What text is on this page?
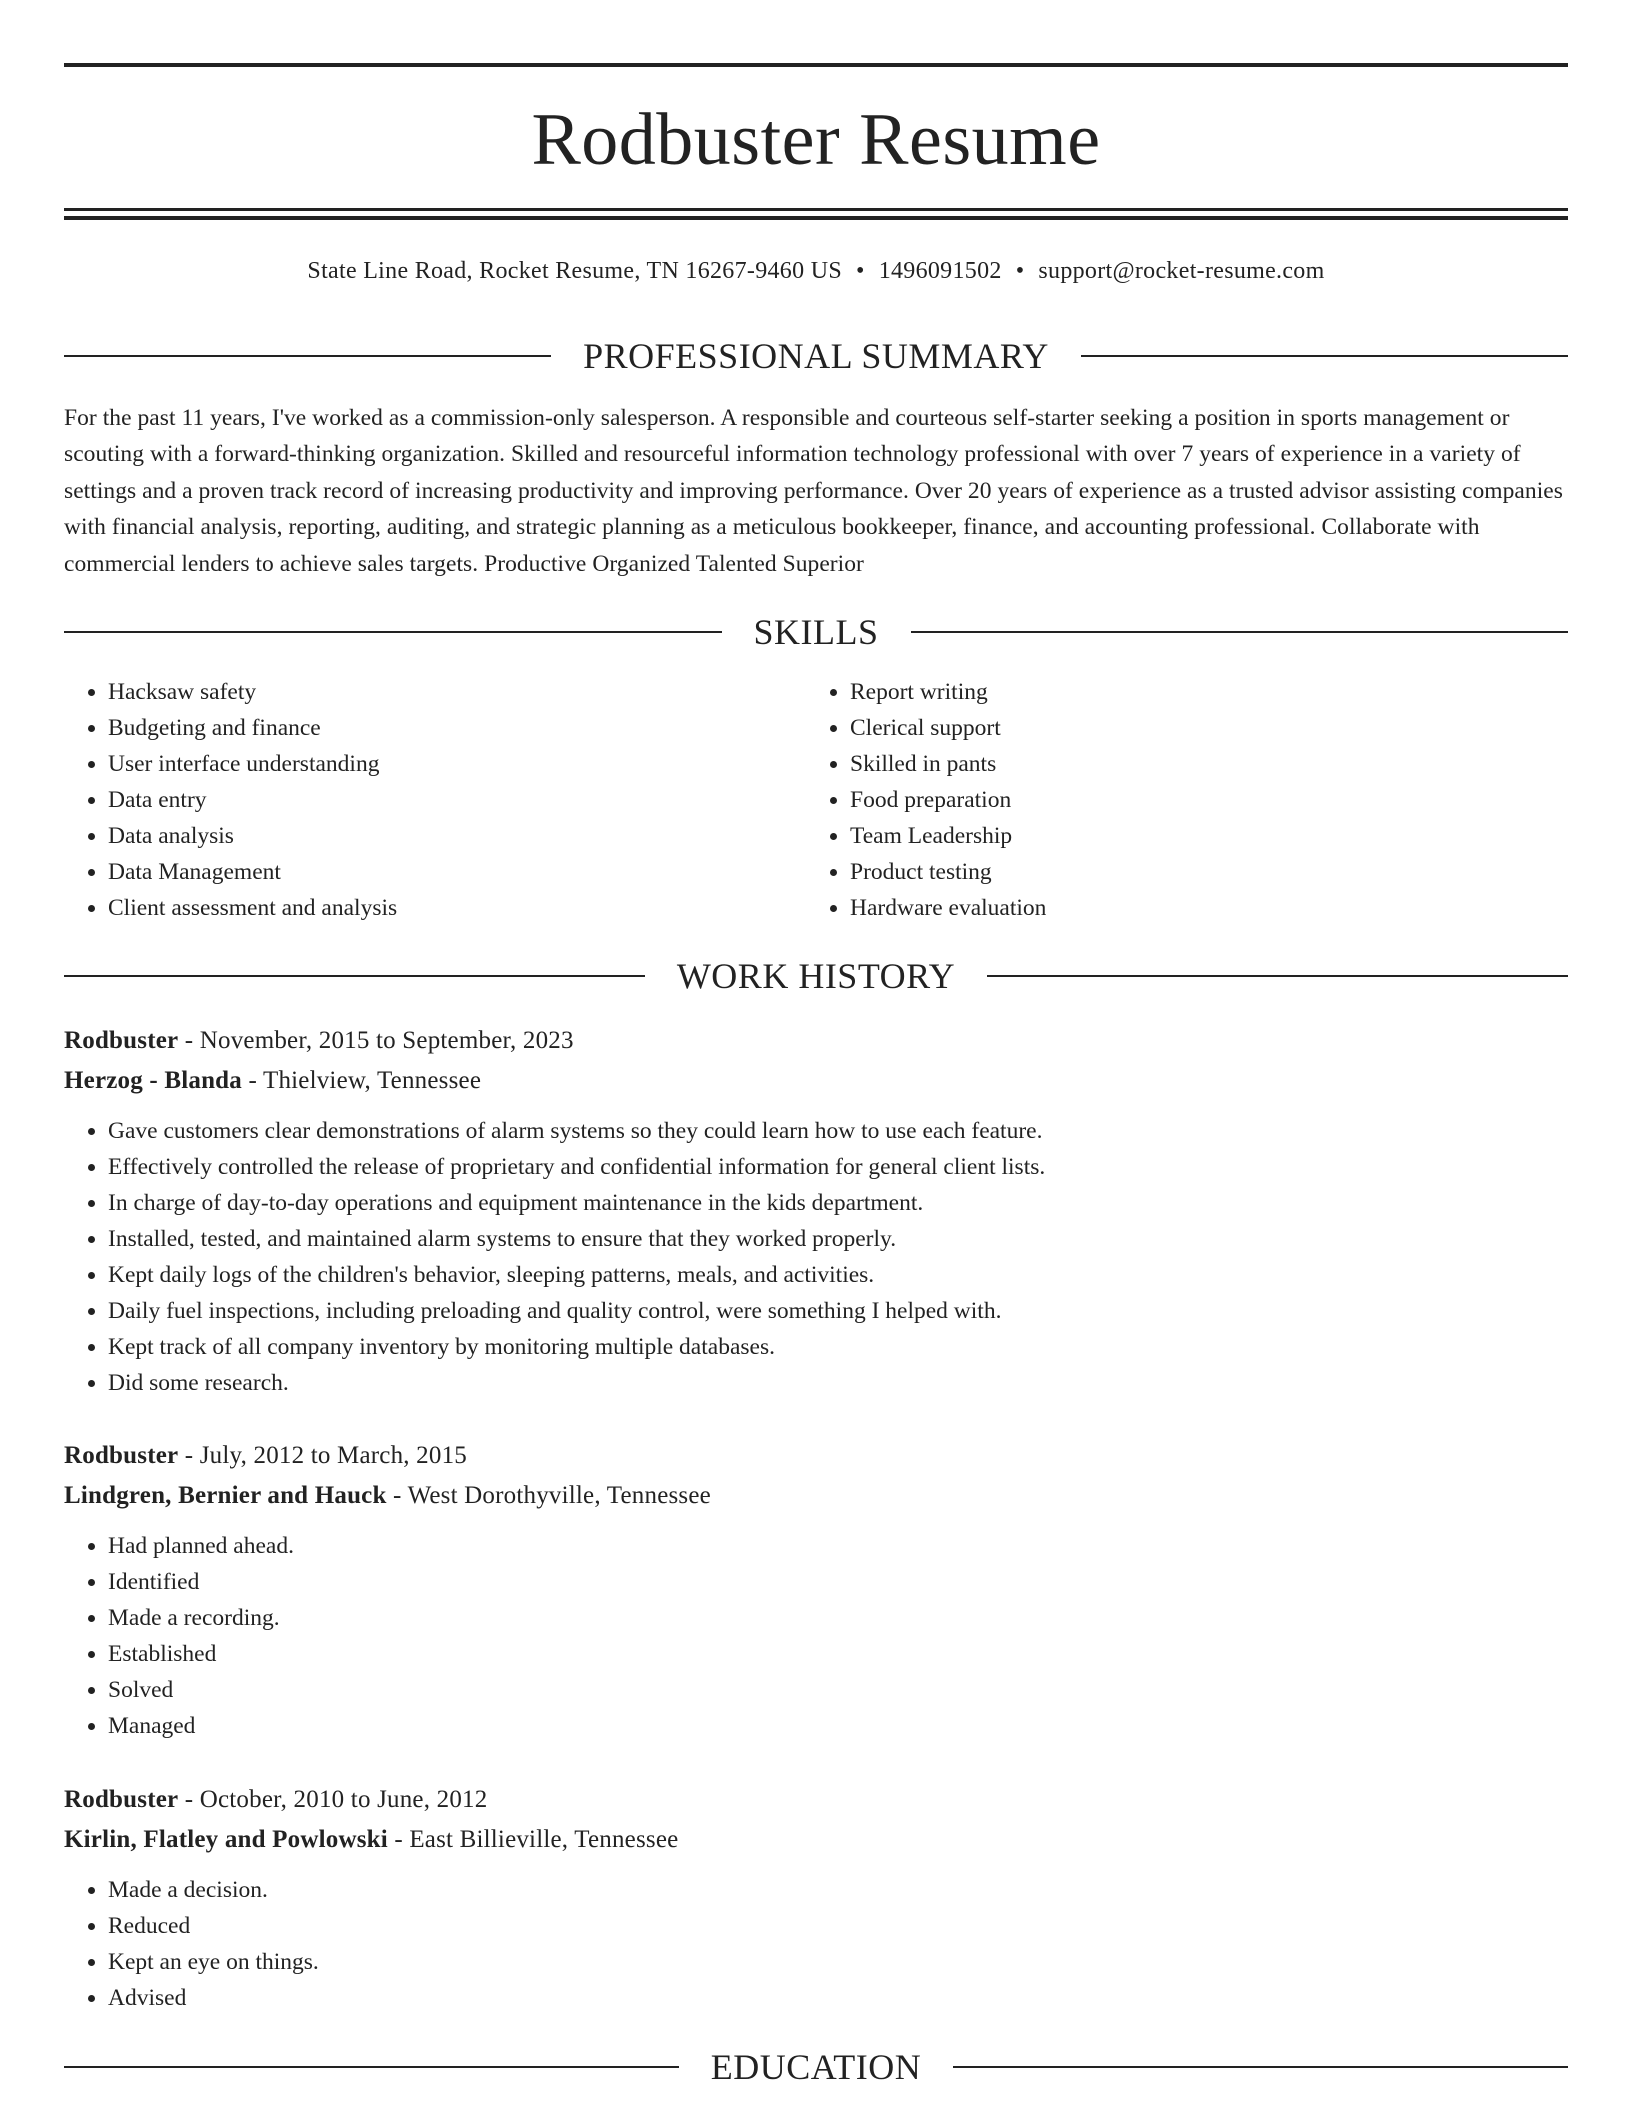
Rodbuster Resume
State Line Road, Rocket Resume, TN 16267-9460 US • 1496091502 • support@rocket-resume.com
PROFESSIONAL SUMMARY

For the past 11 years, I've worked as a commission-only salesperson. A responsible and courteous self-starter seeking a position in sports management or scouting with a forward-thinking organization. Skilled and resourceful information technology professional with over 7 years of experience in a variety of settings and a proven track record of increasing productivity and improving performance. Over 20 years of experience as a trusted advisor assisting companies with financial analysis, reporting, auditing, and strategic planning as a meticulous bookkeeper, finance, and accounting professional. Collaborate with commercial lenders to achieve sales targets. Productive Organized Talented Superior

SKILLS
• Hacksaw safety
• Budgeting and finance
• User interface understanding
• Data entry
• Data analysis
• Data Management
• Client assessment and analysis
• Report writing
• Clerical support
• Skilled in pants
• Food preparation
• Team Leadership
• Product testing
• Hardware evaluation
WORK HISTORY
Rodbuster - November, 2015 to September, 2023
Herzog - Blanda - Thielview, Tennessee
• Gave customers clear demonstrations of alarm systems so they could learn how to use each feature.
• Effectively controlled the release of proprietary and confidential information for general client lists.
• In charge of day-to-day operations and equipment maintenance in the kids department.
• Installed, tested, and maintained alarm systems to ensure that they worked properly.
• Kept daily logs of the children's behavior, sleeping patterns, meals, and activities.
• Daily fuel inspections, including preloading and quality control, were something I helped with.
• Kept track of all company inventory by monitoring multiple databases.
• Did some research.
Rodbuster - July, 2012 to March, 2015
Lindgren, Bernier and Hauck - West Dorothyville, Tennessee
• Had planned ahead.
• Identified
• Made a recording.
• Established
• Solved
• Managed
Rodbuster - October, 2010 to June, 2012
Kirlin, Flatley and Powlowski - East Billieville, Tennessee
• Made a decision.
• Reduced
• Kept an eye on things.
• Advised
EDUCATION
